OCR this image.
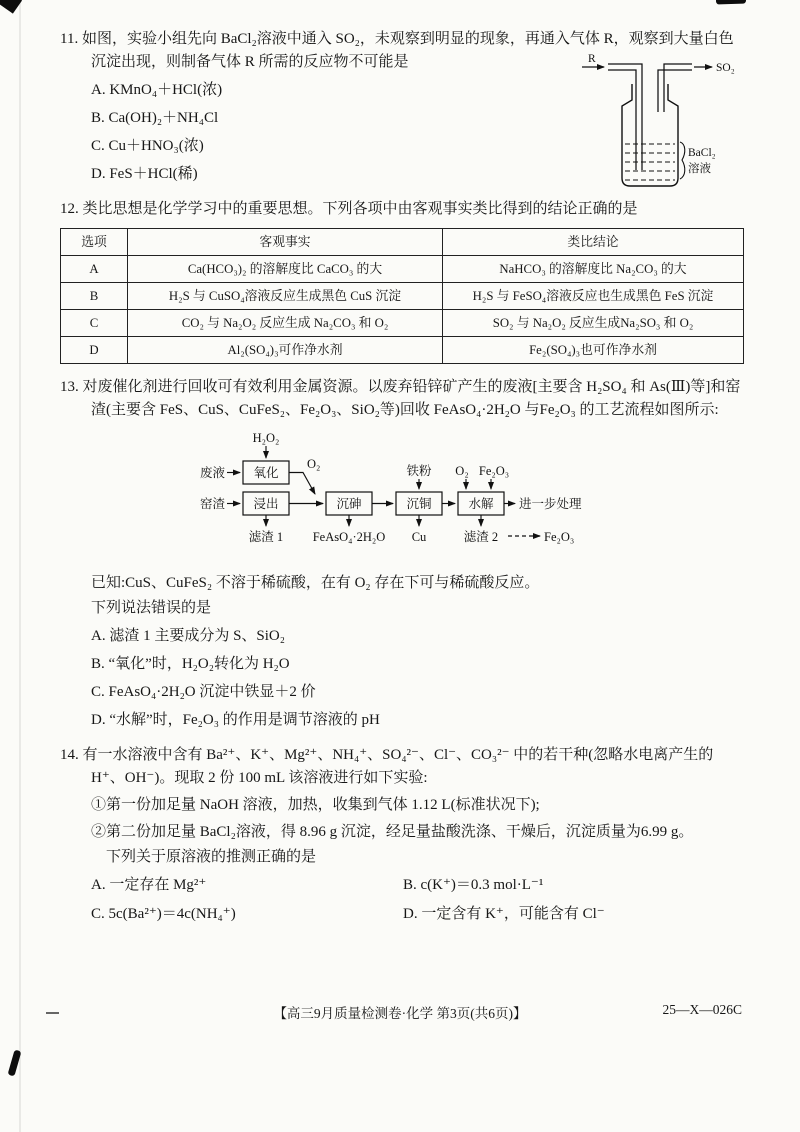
R
SO₂
BaCl₂
溶液

11. 如图，实验小组先向 BaCl₂溶液中通入 SO₂，未观察到明显的现象，再通入气体 R，观察到大量白色沉淀出现，则制备气体 R 所需的反应物不可能是

A. KMnO₄＋HCl(浓)

B. Ca(OH)₂＋NH₄Cl

C. Cu＋HNO₃(浓)

D. FeS＋HCl(稀)

12. 类比思想是化学学习中的重要思想。下列各项中由客观事实类比得到的结论正确的是

选项	客观事实	类比结论
A	Ca(HCO₃)₂ 的溶解度比 CaCO₃ 的大	NaHCO₃ 的溶解度比 Na₂CO₃ 的大
B	H₂S 与 CuSO₄溶液反应生成黑色 CuS 沉淀	H₂S 与 FeSO₄溶液反应也生成黑色 FeS 沉淀
C	CO₂ 与 Na₂O₂ 反应生成 Na₂CO₃ 和 O₂	SO₂ 与 Na₂O₂ 反应生成Na₂SO₃ 和 O₂
D	Al₂(SO₄)₃可作净水剂	Fe₂(SO₄)₃也可作净水剂

13. 对废催化剂进行回收可有效利用金属资源。以废弃铅锌矿产生的废液[主要含 H₂SO₄ 和 As(Ⅲ)等]和窑渣(主要含 FeS、CuS、CuFeS₂、Fe₂O₃、SiO₂等)回收 FeAsO₄·2H₂O 与Fe₂O₃ 的工艺流程如图所示:

H₂O₂
废液 氧化
O₂
窑渣 浸出	沉砷	沉铜	水解 进一步处理
铁粉 O₂ Fe₂O₃
滤渣 1 FeAsO₄·2H₂O Cu	滤渣 2	Fe₂O₃

已知:CuS、CuFeS₂ 不溶于稀硫酸，在有 O₂ 存在下可与稀硫酸反应。

下列说法错误的是

A. 滤渣 1 主要成分为 S、SiO₂

B. “氧化”时，H₂O₂转化为 H₂O

C. FeAsO₄·2H₂O 沉淀中铁显＋2 价

D. “水解”时，Fe₂O₃ 的作用是调节溶液的 pH

14. 有一水溶液中含有 Ba²⁺、K⁺、Mg²⁺、NH₄⁺、SO₄²⁻、Cl⁻、CO₃²⁻ 中的若干种(忽略水电离产生的 H⁺、OH⁻)。现取 2 份 100 mL 该溶液进行如下实验:

①第一份加足量 NaOH 溶液，加热，收集到气体 1.12 L(标准状况下);

②第二份加足量 BaCl₂溶液，得 8.96 g 沉淀，经足量盐酸洗涤、干燥后，沉淀质量为6.99 g。

下列关于原溶液的推测正确的是

A. 一定存在 Mg²⁺	B. c(K⁺)＝0.3 mol·L⁻¹

C. 5c(Ba²⁺)＝4c(NH₄⁺)	D. 一定含有 K⁺，可能含有 Cl⁻

【高三9月质量检测卷·化学 第3页(共6页)】	25—X—026C
